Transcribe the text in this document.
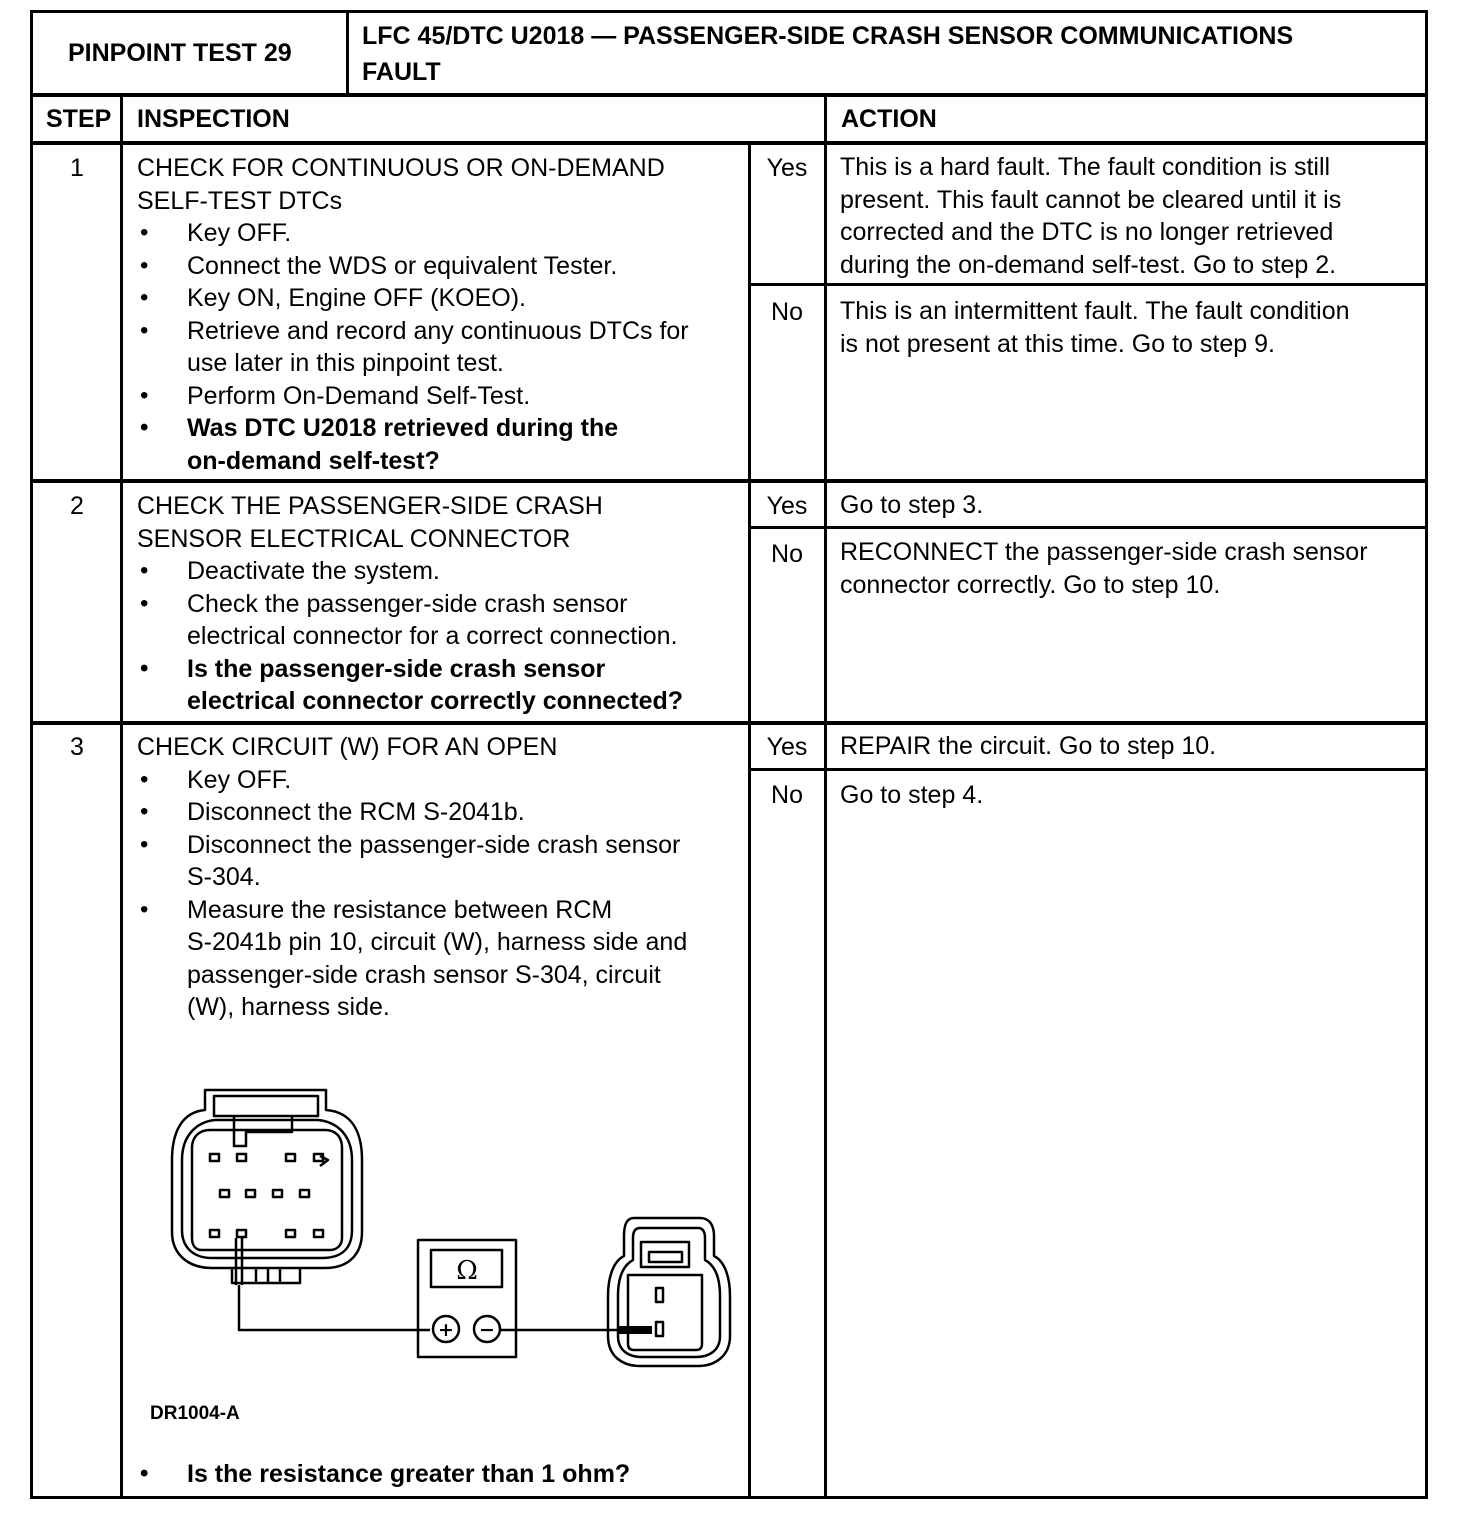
PINPOINT TEST 29
LFC 45/DTC U2018 — PASSENGER-SIDE CRASH SENSOR COMMUNICATIONS
FAULT
STEP INSPECTION	ACTION
1	CHECK FOR CONTINUOUS OR ON-DEMAND
SELF-TEST DTCs
• Key OFF.
• Connect the WDS or equivalent Tester.
• Key ON, Engine OFF (KOEO).
• Retrieve and record any continuous DTCs for
use later in this pinpoint test.
• Perform On-Demand Self-Test.
• Was DTC U2018 retrieved during the
on-demand self-test?
Yes	This is a hard fault. The fault condition is still
present. This fault cannot be cleared until it is
corrected and the DTC is no longer retrieved
during the on-demand self-test. Go to step 2.
No	This is an intermittent fault. The fault condition
is not present at this time. Go to step 9.
2	CHECK THE PASSENGER-SIDE CRASH
SENSOR ELECTRICAL CONNECTOR
• Deactivate the system.
• Check the passenger-side crash sensor
electrical connector for a correct connection.
• Is the passenger-side crash sensor
electrical connector correctly connected?
Yes	Go to step 3.
No	RECONNECT the passenger-side crash sensor
connector correctly. Go to step 10.
3	CHECK CIRCUIT (W) FOR AN OPEN
• Key OFF.
• Disconnect the RCM S-2041b.
• Disconnect the passenger-side crash sensor
S-304.
• Measure the resistance between RCM
S-2041b pin 10, circuit (W), harness side and
passenger-side crash sensor S-304, circuit
(W), harness side.
Yes	REPAIR the circuit. Go to step 10.
No	Go to step 4.
Ω
+ −
DR1004-A
• Is the resistance greater than 1 ohm?
